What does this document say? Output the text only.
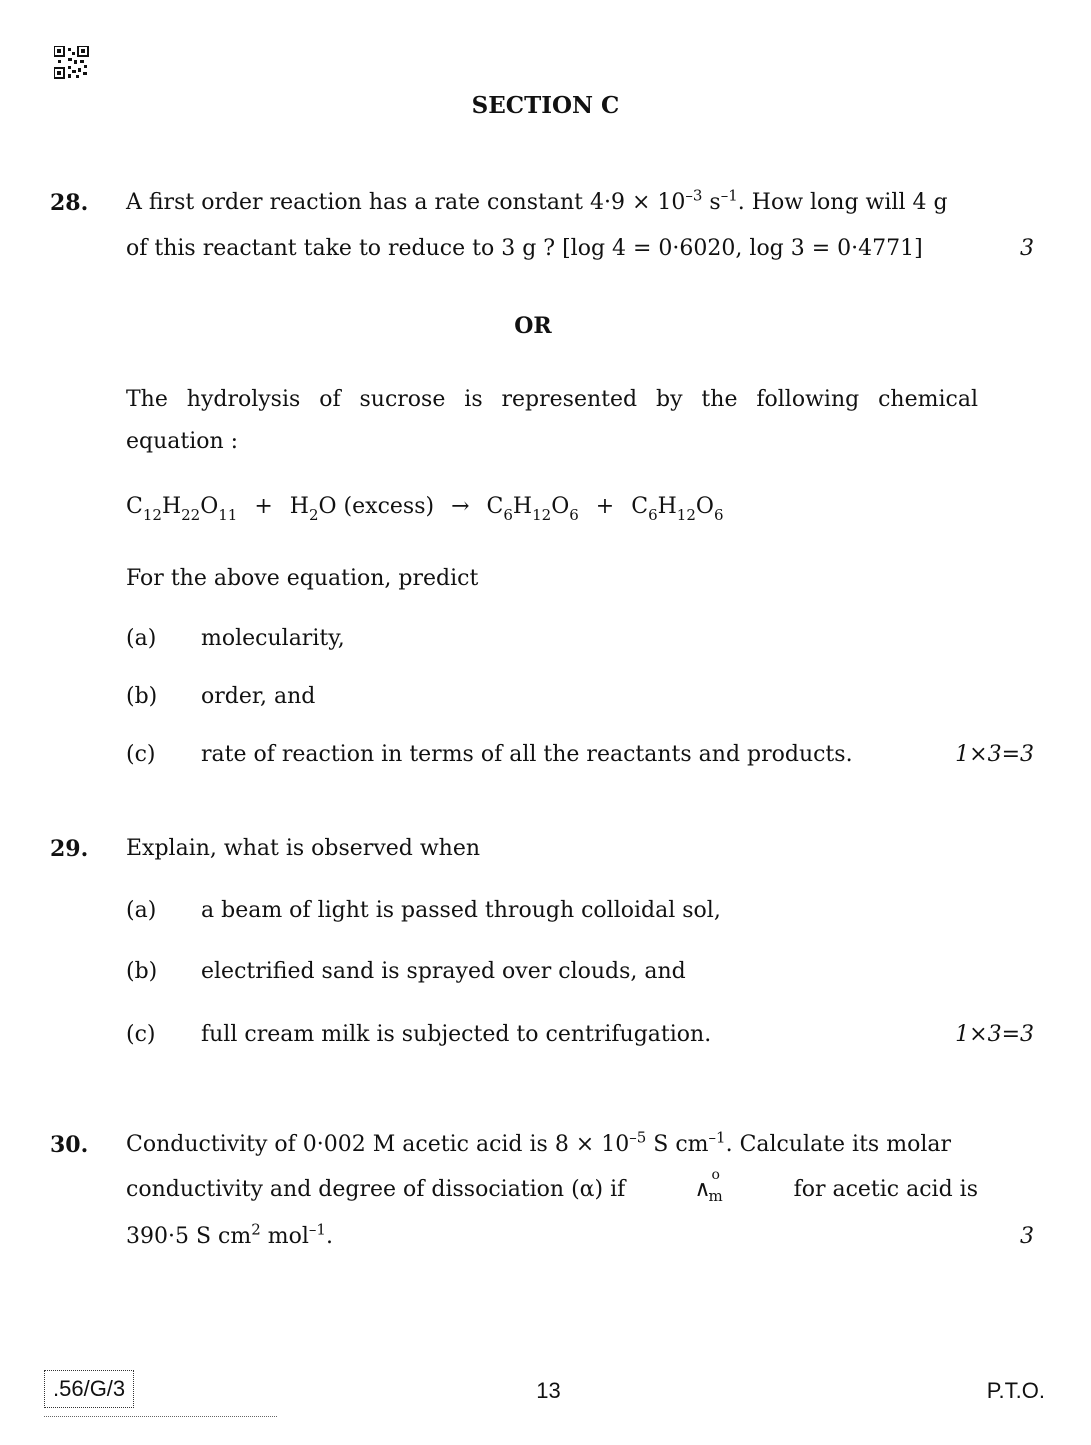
SECTION C
28. A first order reaction has a rate constant $4\cdot 9 \times 10^{-3}$ $s^{-1}$. How long will 4 g
of this reactant take to reduce to 3 g ? [log 4 = 0·6020, log 3 = 0·4771]	3
OR
The hydrolysis of sucrose is represented by the following chemical
equation :
$C_{12}H_{22}O_{11} + H_2O$ (excess) → $C_6H_{12}O_6 + C_6H_{12}O_6$
For the above equation, predict
(a) molecularity,
(b) order, and
(c) rate of reaction in terms of all the reactants and products.	1×3=3
29. Explain, what is observed when
(a) a beam of light is passed through colloidal sol,
(b) electrified sand is sprayed over clouds, and
(c) full cream milk is subjected to centrifugation.	1×3=3
30. Conductivity of 0·002 M acetic acid is $8 \times 10^{-5}$ S $cm^{-1}$. Calculate its molar
conductivity and degree of dissociation (α) if	∧
o
m	for acetic acid is
390·5 S $cm^2$ mol$^{-1}$.	3
.56/G/3	13	P.T.O.
